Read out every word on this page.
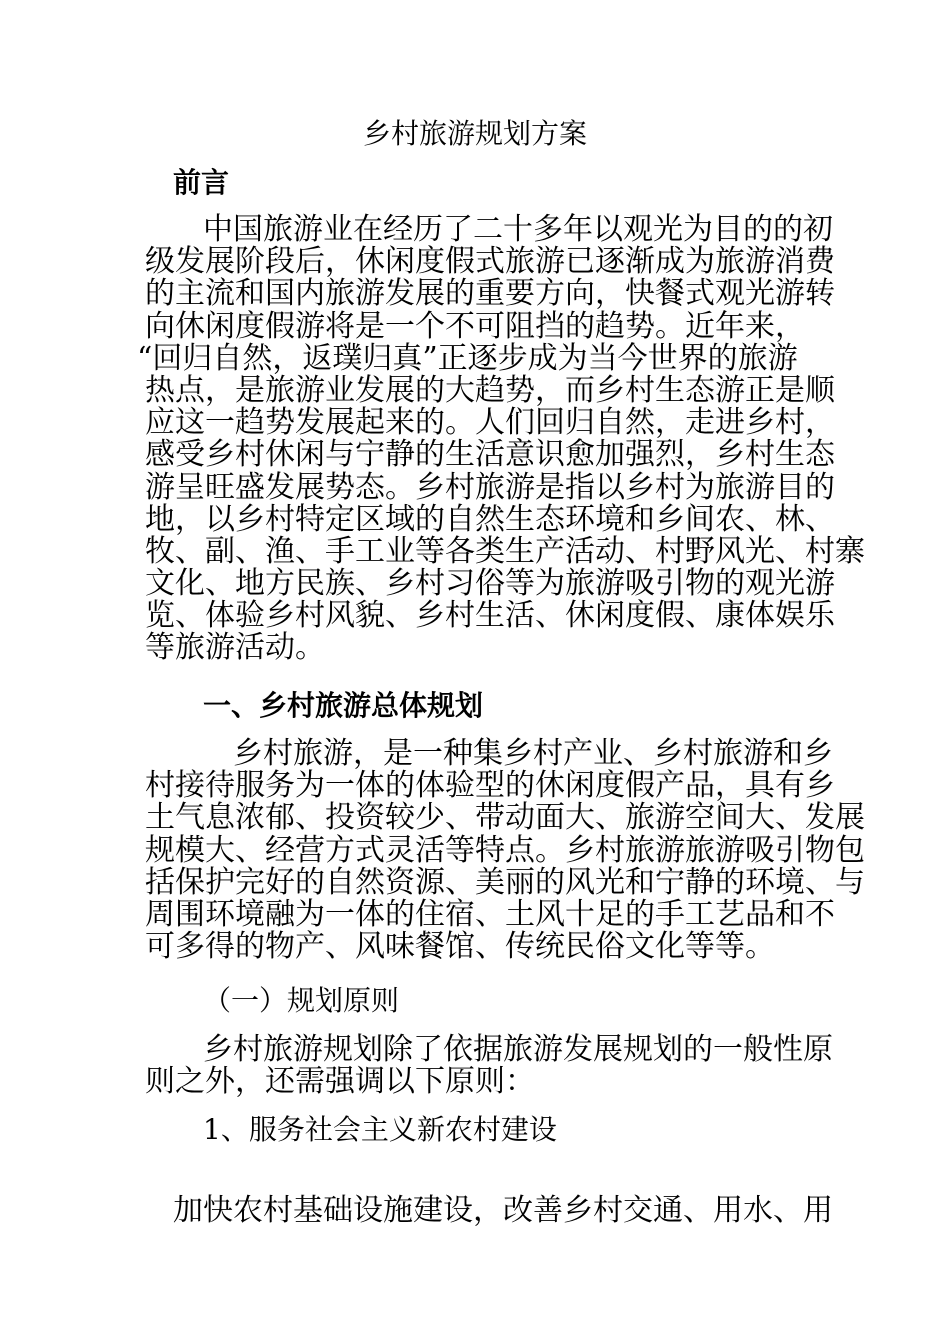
乡村旅游规划方案
前言
中国旅游业在经历了二十多年以观光为目的的初
级发展阶段后，休闲度假式旅游已逐渐成为旅游消费
的主流和国内旅游发展的重要方向，快餐式观光游转
向休闲度假游将是一个不可阻挡的趋势。近年来，
“回归自然，返璞归真”正逐步成为当今世界的旅游
热点，是旅游业发展的大趋势，而乡村生态游正是顺
应这一趋势发展起来的。人们回归自然，走进乡村，
感受乡村休闲与宁静的生活意识愈加强烈，乡村生态
游呈旺盛发展势态。乡村旅游是指以乡村为旅游目的
地，以乡村特定区域的自然生态环境和乡间农、林、
牧、副、渔、手工业等各类生产活动、村野风光、村寨
文化、地方民族、乡村习俗等为旅游吸引物的观光游
览、体验乡村风貌、乡村生活、休闲度假、康体娱乐
等旅游活动。
一、乡村旅游总体规划
乡村旅游，是一种集乡村产业、乡村旅游和乡
村接待服务为一体的体验型的休闲度假产品，具有乡
土气息浓郁、投资较少、带动面大、旅游空间大、发展
规模大、经营方式灵活等特点。乡村旅游旅游吸引物包
括保护完好的自然资源、美丽的风光和宁静的环境、与
周围环境融为一体的住宿、土风十足的手工艺品和不
可多得的物产、风味餐馆、传统民俗文化等等。
（一）规划原则
乡村旅游规划除了依据旅游发展规划的一般性原
则之外，还需强调以下原则：
1、服务社会主义新农村建设
加快农村基础设施建设，改善乡村交通、用水、用
